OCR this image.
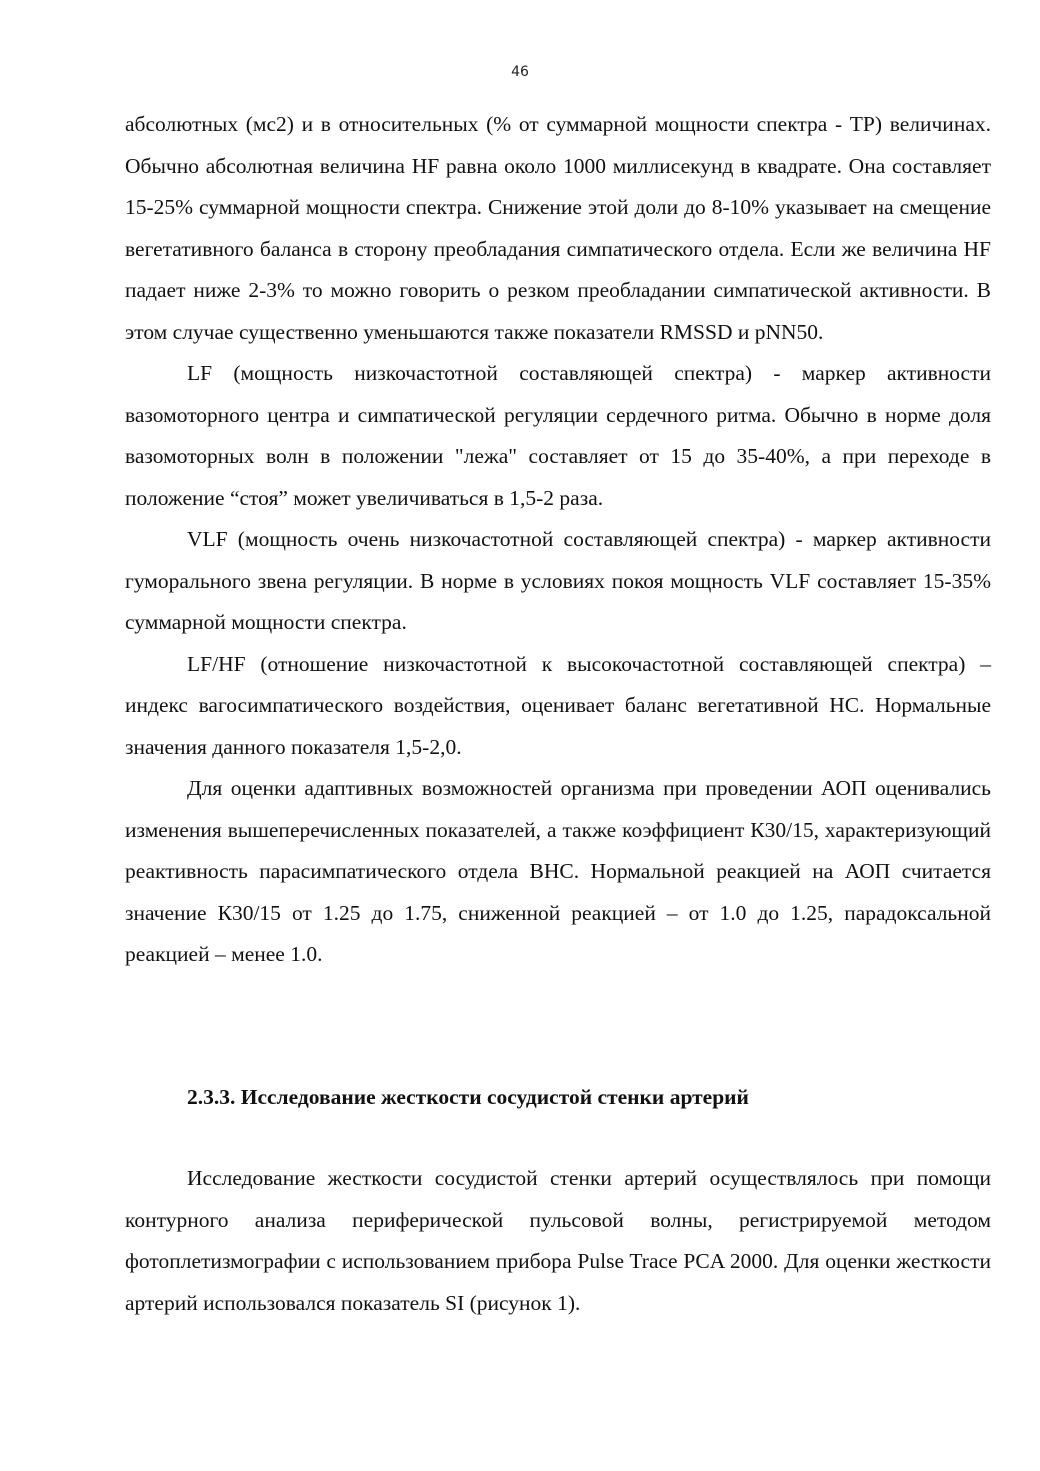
46

абсолютных (мс2) и в относительных (% от суммарной мощности спектра - ТР) величинах. Обычно абсолютная величина HF равна около 1000 миллисекунд в квадрате. Она составляет 15-25% суммарной мощности спектра. Снижение этой доли до 8-10% указывает на смещение вегетативного баланса в сторону преобладания симпатического отдела. Если же величина HF падает ниже 2-3% то можно говорить о резком преобладании симпатической активности. В этом случае существенно уменьшаются также показатели RMSSD и pNN50.

LF (мощность низкочастотной составляющей спектра) - маркер активности вазомоторного центра и симпатической регуляции сердечного ритма. Обычно в норме доля вазомоторных волн в положении "лежа" составляет от 15 до 35-40%, а при переходе в положение “стоя” может увеличиваться в 1,5-2 раза.

VLF (мощность очень низкочастотной составляющей спектра) - маркер активности гуморального звена регуляции. В норме в условиях покоя мощность VLF составляет 15-35% суммарной мощности спектра.

LF/HF (отношение низкочастотной к высокочастотной составляющей спектра) – индекс вагосимпатического воздействия, оценивает баланс вегетативной НС. Нормальные значения данного показателя 1,5-2,0.

Для оценки адаптивных возможностей организма при проведении АОП оценивались изменения вышеперечисленных показателей, а также коэффициент К30/15, характеризующий реактивность парасимпатического отдела ВНС. Нормальной реакцией на АОП считается значение К30/15 от 1.25 до 1.75, сниженной реакцией – от 1.0 до 1.25, парадоксальной реакцией – менее 1.0.

2.3.3. Исследование жесткости сосудистой стенки артерий

Исследование жесткости сосудистой стенки артерий осуществлялось при помощи контурного анализа периферической пульсовой волны, регистрируемой методом фотоплетизмографии с использованием прибора Pulse Trace PCA 2000. Для оценки жесткости артерий использовался показатель SI (рисунок 1).
